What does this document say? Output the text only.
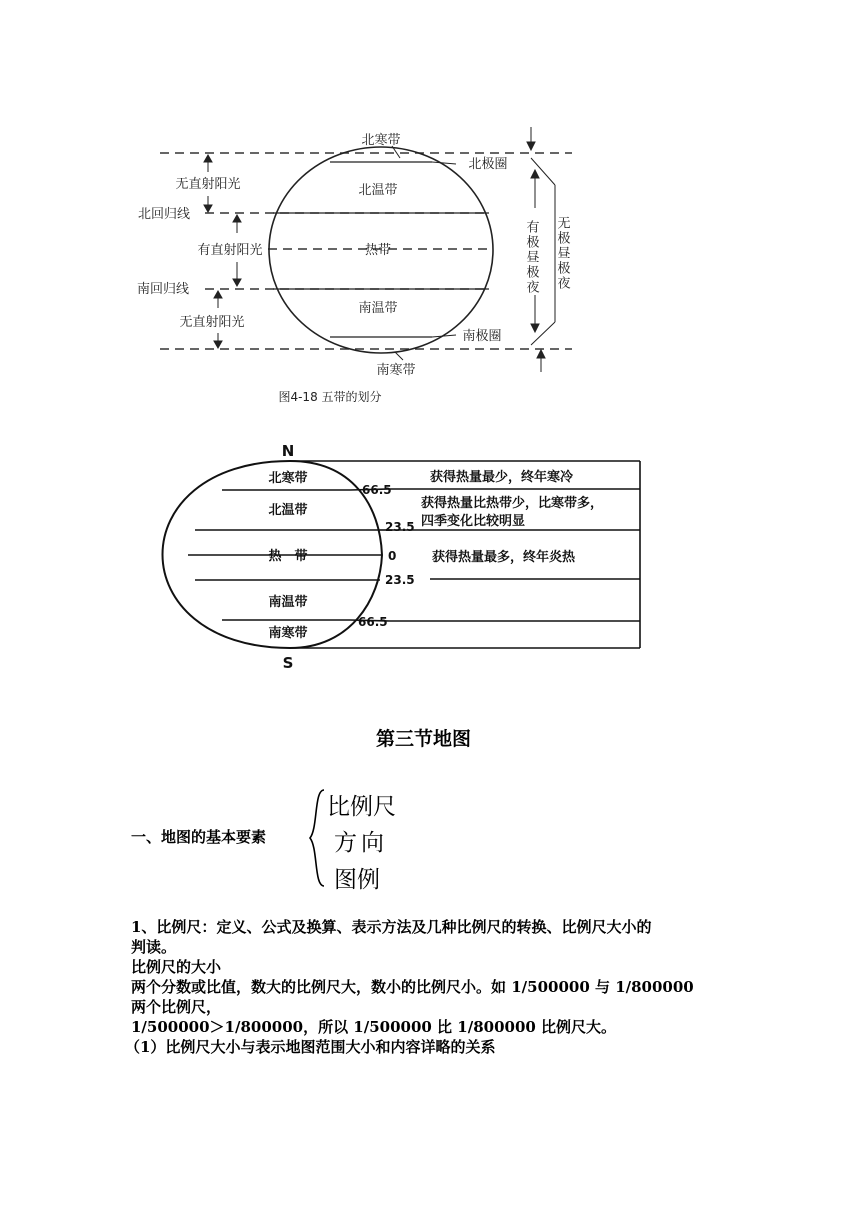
北寒带
北温带
热带
南温带
南寒带
北极圈
南极圈
北回归线
南回归线
无直射阳光
有直射阳光
无直射阳光
有极昼极夜 无极昼极夜
图4-18 五带的划分
N
S
北寒带
北温带
热　带
南温带
南寒带
66.5
23.5
0
23.5
66.5
获得热量最少，终年寒冷
获得热量比热带少，比寒带多，
四季变化比较明显
获得热量最多，终年炎热
第三节地图
一、地图的基本要素
比例尺
方向
图例
1、比例尺：定义、公式及换算、表示方法及几种比例尺的转换、比例尺大小的
判读。
比例尺的大小
两个分数或比值，数大的比例尺大，数小的比例尺小。如 1/500000 与 1/800000
两个比例尺，
1/500000＞1/800000，所以 1/500000 比 1/800000 比例尺大。
（1）比例尺大小与表示地图范围大小和内容详略的关系
